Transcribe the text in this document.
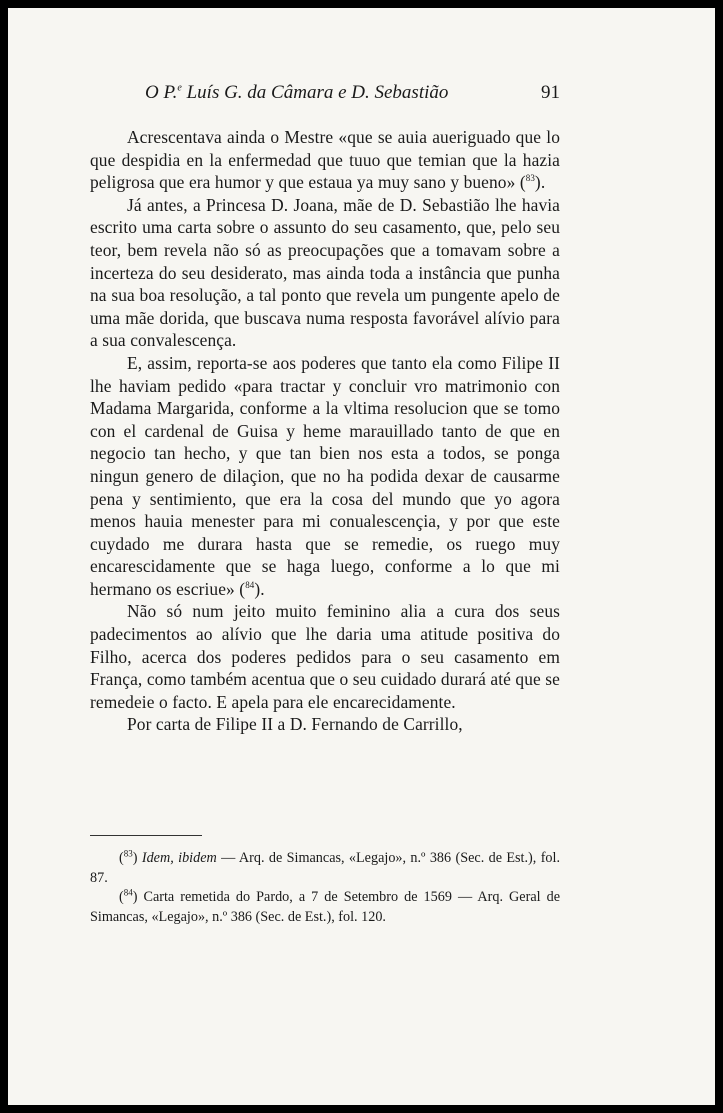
O P.$^e$ Luís G. da Câmara e D. Sebastião	91

Acrescentava ainda o Mestre «que se auia aueriguado que lo que despidia en la enfermedad que tuuo que temian que la hazia peligrosa que era humor y que estaua ya muy sano y bueno» ($^{83}$).

Já antes, a Princesa D. Joana, mãe de D. Sebastião lhe havia escrito uma carta sobre o assunto do seu casamento, que, pelo seu teor, bem revela não só as preocupações que a tomavam sobre a incerteza do seu desiderato, mas ainda toda a instância que punha na sua boa resolução, a tal ponto que revela um pungente apelo de uma mãe dorida, que buscava numa resposta favorável alívio para a sua convalescença.

E, assim, reporta-se aos poderes que tanto ela como Filipe II lhe haviam pedido «para tractar y concluir vro matrimonio con Madama Margarida, conforme a la vltima resolucion que se tomo con el cardenal de Guisa y heme marauillado tanto de que en negocio tan hecho, y que tan bien nos esta a todos, se ponga ningun genero de dilaçion, que no ha podida dexar de causarme pena y sentimiento, que era la cosa del mundo que yo agora menos hauia menester para mi conualescençia, y por que este cuydado me durara hasta que se remedie, os ruego muy encarescidamente que se haga luego, conforme a lo que mi hermano os escriue» ($^{84}$).

Não só num jeito muito feminino alia a cura dos seus padecimentos ao alívio que lhe daria uma atitude positiva do Filho, acerca dos poderes pedidos para o seu casamento em França, como também acentua que o seu cuidado durará até que se remedeie o facto. E apela para ele encarecidamente.

Por carta de Filipe II a D. Fernando de Carrillo,

($^{83}$) Idem, ibidem — Arq. de Simancas, «Legajo», n.º 386 (Sec. de Est.), fol. 87.

($^{84}$) Carta remetida do Pardo, a 7 de Setembro de 1569 — Arq. Geral de Simancas, «Legajo», n.º 386 (Sec. de Est.), fol. 120.
